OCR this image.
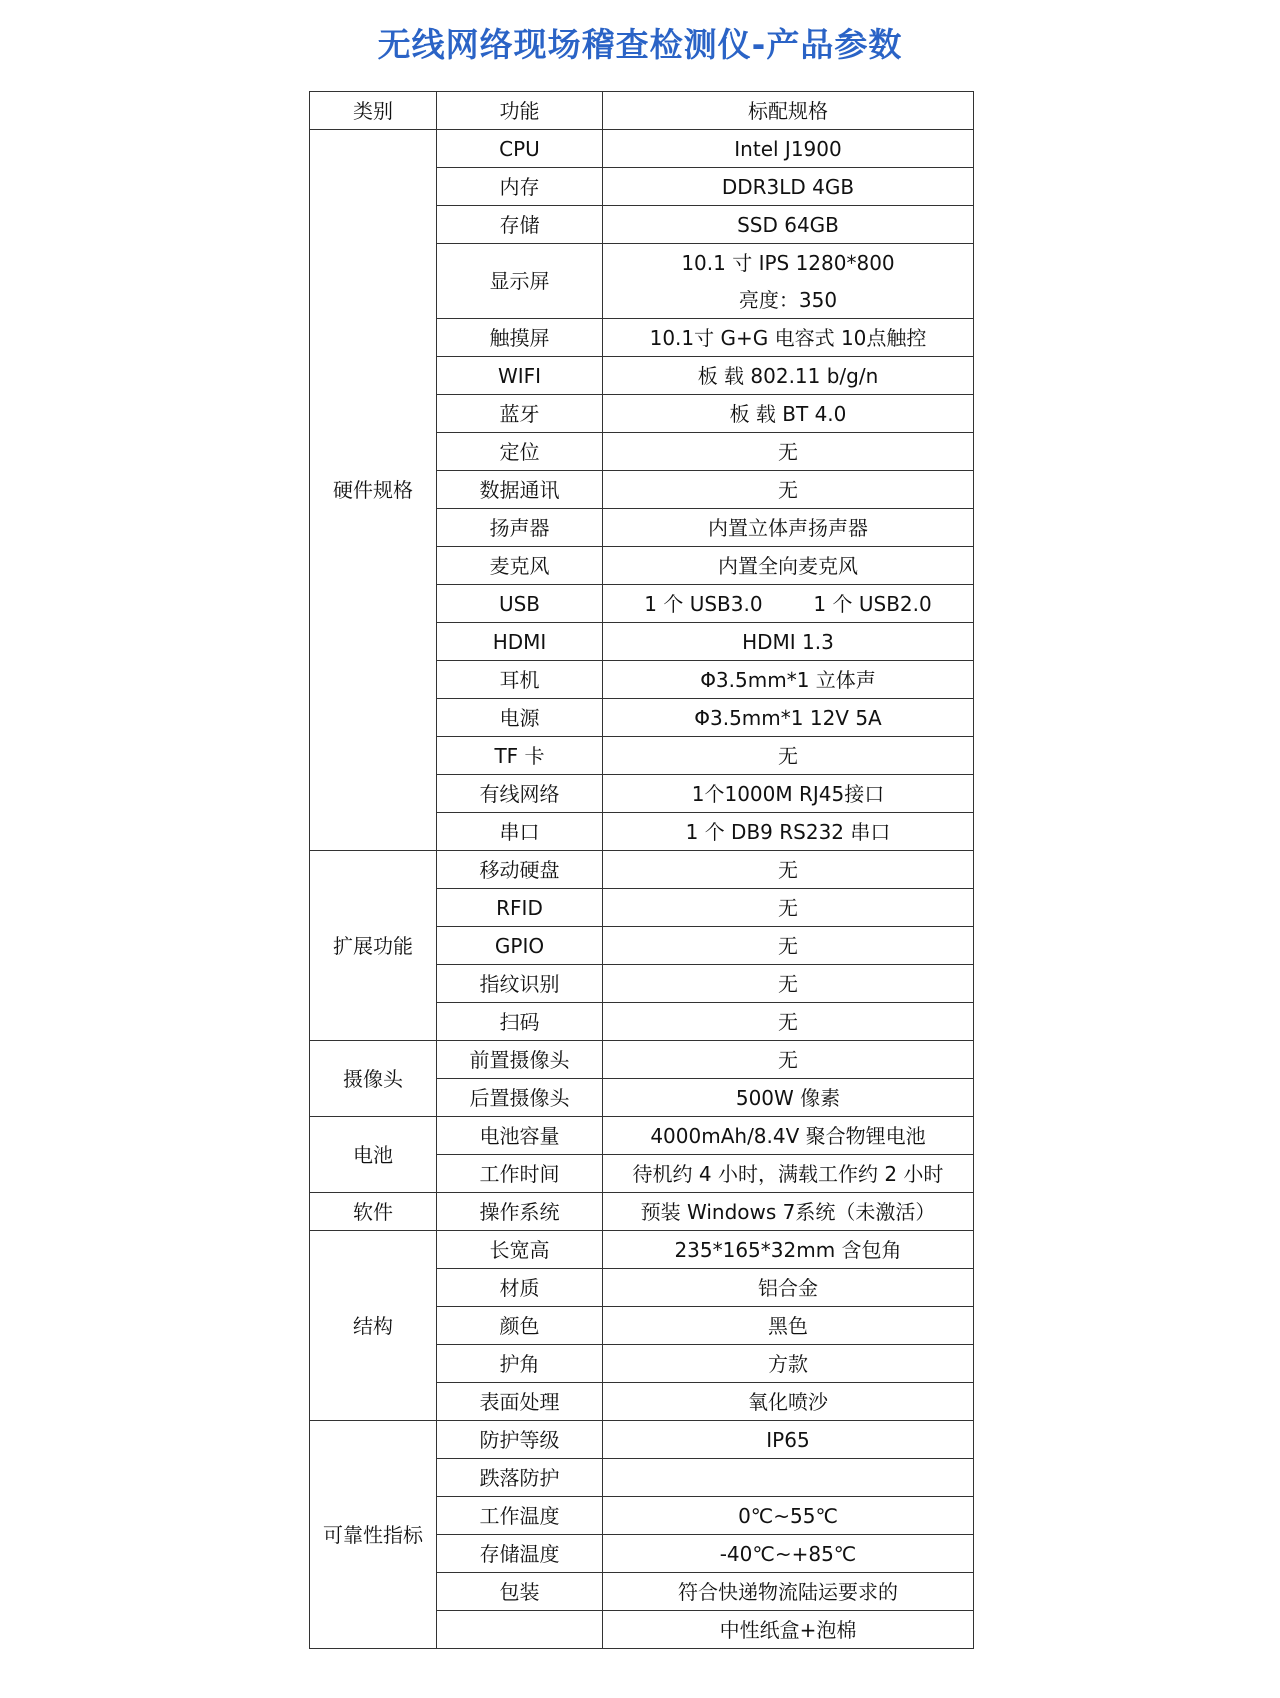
无线网络现场稽查检测仪-产品参数
类别	功能	标配规格
硬件规格	CPU	Intel J1900
	内存	DDR3LD 4GB
	存储	SSD 64GB
	显示屏	10.1 寸 IPS 1280*800
		亮度：350
	触摸屏	10.1寸 G+G 电容式 10点触控
	WIFI	板 载 802.11 b/g/n
	蓝牙	板 载 BT 4.0
	定位	无
	数据通讯	无
	扬声器	内置立体声扬声器
	麦克风	内置全向麦克风
	USB	1 个 USB3.0        1 个 USB2.0
	HDMI	HDMI 1.3
	耳机	Φ3.5mm*1 立体声
	电源	Φ3.5mm*1 12V 5A
	TF 卡	无
	有线网络	1个1000M RJ45接口
	串口	1 个 DB9 RS232 串口
扩展功能	移动硬盘	无
	RFID	无
	GPIO	无
	指纹识别	无
	扫码	无
摄像头	前置摄像头	无
	后置摄像头	500W 像素
电池	电池容量	4000mAh/8.4V 聚合物锂电池
	工作时间	待机约 4 小时，满载工作约 2 小时
软件	操作系统	预装 Windows 7系统（未激活）
结构	长宽高	235*165*32mm 含包角
	材质	铝合金
	颜色	黑色
	护角	方款
	表面处理	氧化喷沙
可靠性指标	防护等级	IP65
	跌落防护	
	工作温度	0℃~55℃
	存储温度	-40℃~+85℃
	包装	符合快递物流陆运要求的
		中性纸盒+泡棉
